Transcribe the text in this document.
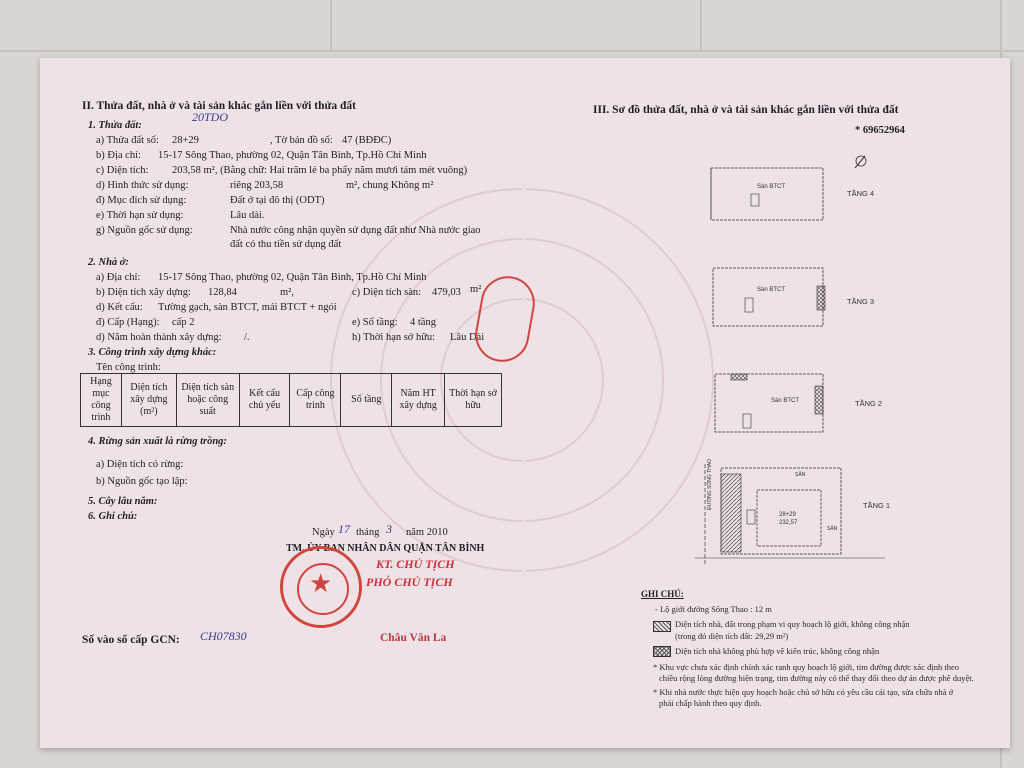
II. Thửa đất, nhà ở và tài sản khác gắn liền với thửa đất
20TDO
1. Thửa đất:
a) Thửa đất số: 28+29	, Tờ bản đồ số: 47 (BĐĐC)
b) Địa chỉ: 15-17 Sông Thao, phường 02, Quận Tân Bình, Tp.Hồ Chí Minh
c) Diện tích: 203,58 m², (Bằng chữ: Hai trăm lẻ ba phẩy năm mươi tám mét vuông)
d) Hình thức sử dụng:	riêng 203,58	m², chung Không m²
đ) Mục đích sử dụng:	Đất ở tại đô thị (ODT)
e) Thời hạn sử dụng:	Lâu dài.
g) Nguồn gốc sử dụng:	Nhà nước công nhận quyền sử dụng đất như Nhà nước giao
đất có thu tiền sử dụng đất
2. Nhà ở:
a) Địa chỉ: 15-17 Sông Thao, phường 02, Quận Tân Bình, Tp.Hồ Chí Minh
b) Diện tích xây dựng: 128,84	m²,	c) Diện tích sàn: 479,03 m²
d) Kết cấu: Tường gạch, sàn BTCT, mái BTCT + ngói
đ) Cấp (Hạng): cấp 2	e) Số tầng: 4 tầng
d) Năm hoàn thành xây dựng: /.	h) Thời hạn sở hữu: Lâu Dài
3. Công trình xây dựng khác:
Tên công trình:
Hạng mục công trình	Diện tích xây dựng (m²)	Diện tích sàn hoặc công suất	Kết cấu chủ yếu	Cấp công trình	Số tầng	Năm HT xây dựng	Thời hạn sở hữu
4. Rừng sản xuất là rừng trồng:
a) Diện tích có rừng:
b) Nguồn gốc tạo lập:
5. Cây lâu năm:
6. Ghi chú:
Ngày 17 tháng 3 năm 2010
TM. ỦY BAN NHÂN DÂN QUẬN TÂN BÌNH
KT. CHỦ TỊCH
PHÓ CHỦ TỊCH
★
Châu Văn La
Số vào sổ cấp GCN: CH07830
III. Sơ đồ thửa đất, nhà ở và tài sản khác gắn liền với thửa đất
* 69652964
Sàn BTCT
TẦNG 4
Sàn BTCT
TẦNG 3
Sàn BTCT	TẦNG 2
ĐƯỜNG SÔNG THAO
28+29
232,57
SÂN
SÂN
TẦNG 1
GHI CHÚ:
- Lộ giới đường Sông Thao : 12 m
Diện tích nhà, đất trong phạm vi quy hoạch lộ giới, không công nhận
(trong đó diện tích đất: 29,29 m²)
Diện tích nhà không phù hợp về kiến trúc, không công nhận
* Khu vực chưa xác định chính xác ranh quy hoạch lộ giới, tim đường được xác định theo
chiều rộng lòng đường hiện trạng, tim đường này có thể thay đổi theo dự án được phê duyệt.
* Khi nhà nước thực hiện quy hoạch hoặc chủ sở hữu có yêu cầu cải tạo, sửa chữa nhà ở
phải chấp hành theo quy định.
